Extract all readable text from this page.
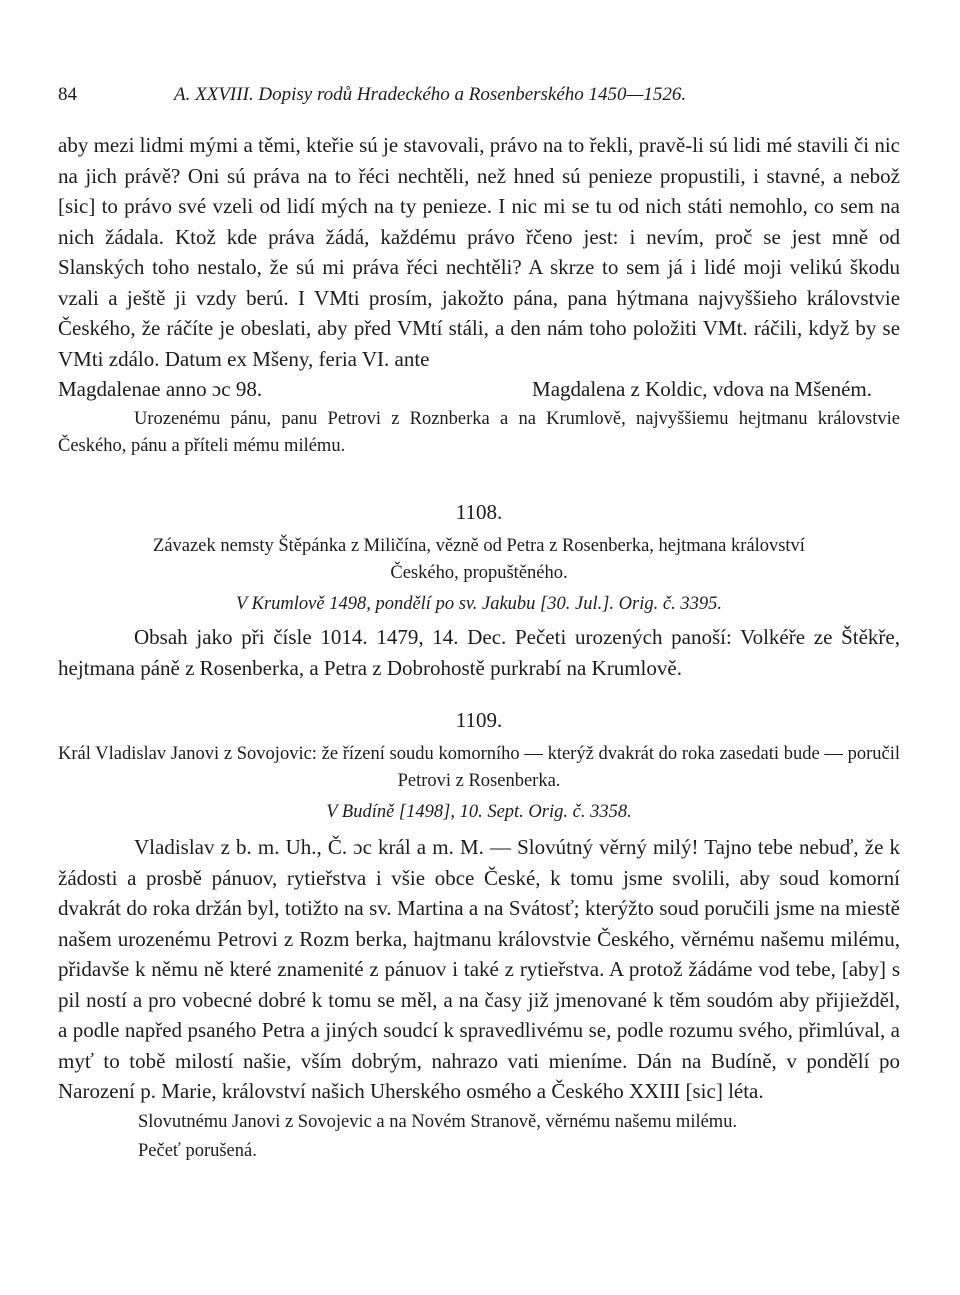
84	A. XXVIII. Dopisy rodů Hradeckého a Rosenberského 1450—1526.
aby mezi lidmi mými a těmi, kteřie sú je stavovali, právo na to řekli, pravě-li sú lidi mé stavili či nic na jich právě? Oni sú práva na to řéci nechtěli, než hned sú penieze propustili, i stavné, a nebož [sic] to právo své vzeli od lidí mých na ty penieze. I nic mi se tu od nich státi nemohlo, co sem na nich žádala. Ktož kde práva žádá, každému právo řčeno jest: i nevím, proč se jest mně od Slanských toho nestalo, že sú mi práva řéci nechtěli? A skrze to sem já i lidé moji velikú škodu vzali a ještě ji vzdy berú. I VMti prosím, jakožto pána, pana hýtmana najvyššieho královstvie Českého, že ráčíte je obeslati, aby před VMtí stáli, a den nám toho položiti VMt. ráčili, když by se VMti zdálo. Datum ex Mšeny, feria VI. ante
Magdalenae anno ɔc 98.	Magdalena z Koldic, vdova na Mšeném.
Urozenému pánu, panu Petrovi z Roznberka a na Krumlově, najvyššiemu hejtmanu královstvie Českého, pánu a příteli mému milému.
1108.
Závazek nemsty Štěpánka z Miličína, vězně od Petra z Rosenberka, hejtmana království
Českého, propuštěného.
V Krumlově 1498, pondělí po sv. Jakubu [30. Jul.]. Orig. č. 3395.
Obsah jako při čísle 1014. 1479, 14. Dec. Pečeti urozených panoší: Volkéře ze Štěkře, hejtmana páně z Rosenberka, a Petra z Dobrohostě purkrabí na Krumlově.
1109.
Král Vladislav Janovi z Sovojovic: že řízení soudu komorního — kterýž dvakrát do roka zasedati bude — poručil Petrovi z Rosenberka.
V Budíně [1498], 10. Sept. Orig. č. 3358.
Vladislav z b. m. Uh., Č. ɔc král a m. M. — Slovútný věrný milý! Tajno tebe nebuď, že k žádosti a prosbě pánuov, rytieřstva i všie obce České, k tomu jsme svolili, aby soud komorní dvakrát do roka držán byl, totižto na sv. Martina a na Svátosť; kterýžto soud poručili jsme na miestě našem urozenému Petrovi z Rozm berka, hajtmanu královstvie Českého, věrnému našemu milému, přidavše k němu ně které znamenité z pánuov i také z rytieřstva. A protož žádáme vod tebe, [aby] s pil ností a pro vobecné dobré k tomu se měl, a na časy již jmenované k těm soudóm aby přijiežděl, a podle napřed psaného Petra a jiných soudcí k spravedlivému se, podle rozumu svého, přimlúval, a myť to tobě milostí našie, vším dobrým, nahrazo vati mieníme. Dán na Budíně, v pondělí po Narození p. Marie, království našich Uherského osmého a Českého XXIII [sic] léta.
Slovutnému Janovi z Sovojevic a na Novém Stranově, věrnému našemu milému.
Pečeť porušená.
